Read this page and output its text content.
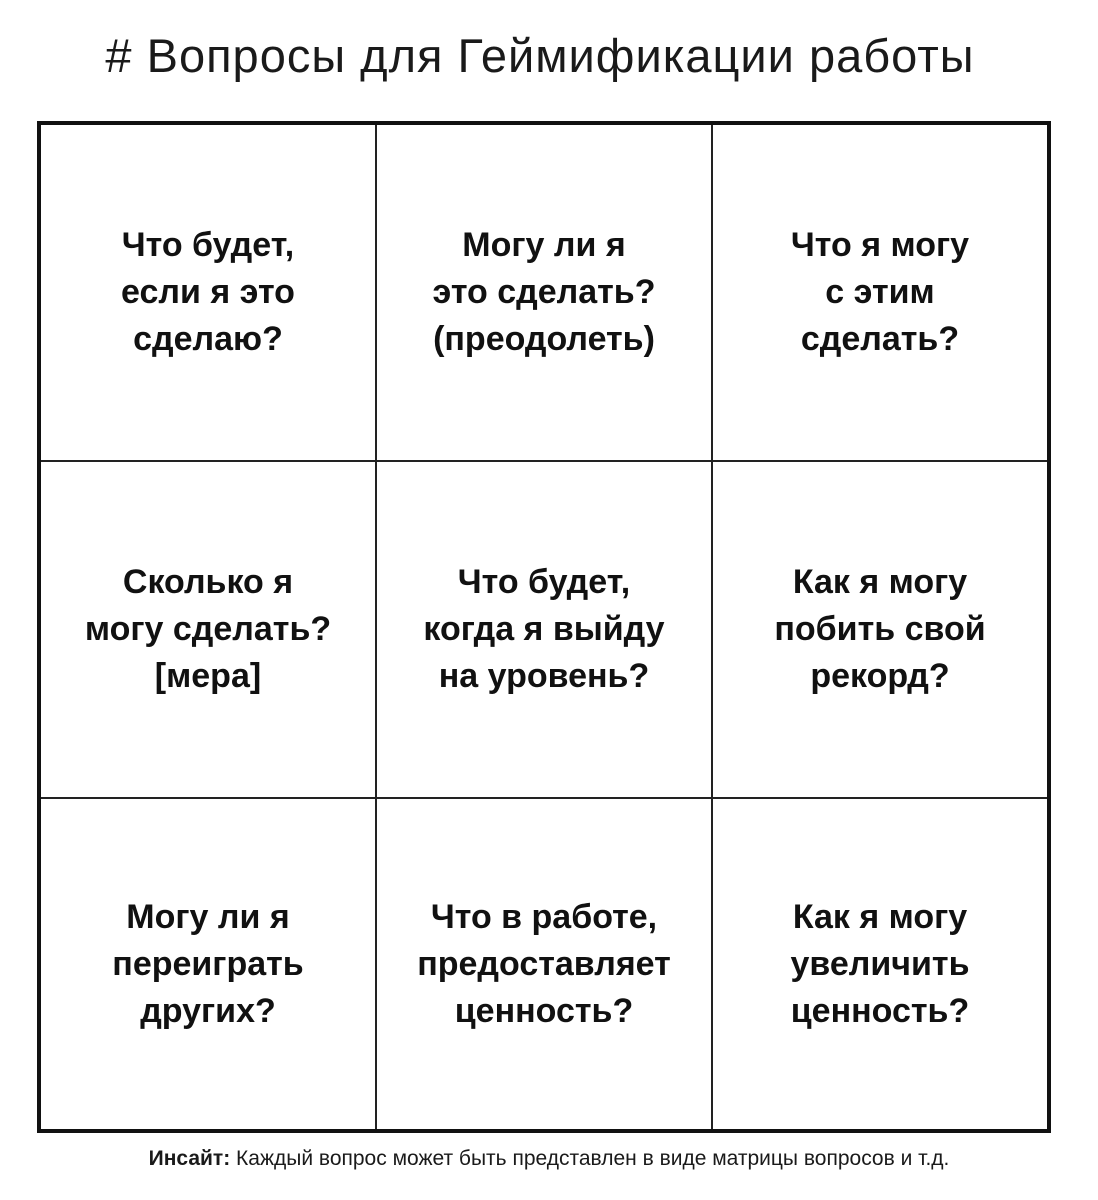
# Вопросы для Геймификации работы
Что будет,
если я это
сделаю?
Могу ли я
это сделать?
(преодолеть)
Что я могу
с этим
сделать?
Сколько я
могу сделать?
[мера]
Что будет,
когда я выйду
на уровень?
Как я могу
побить свой
рекорд?
Могу ли я
переиграть
других?
Что в работе,
предоставляет
ценность?
Как я могу
увеличить
ценность?
Инсайт: Каждый вопрос может быть представлен в виде матрицы вопросов и т.д.
